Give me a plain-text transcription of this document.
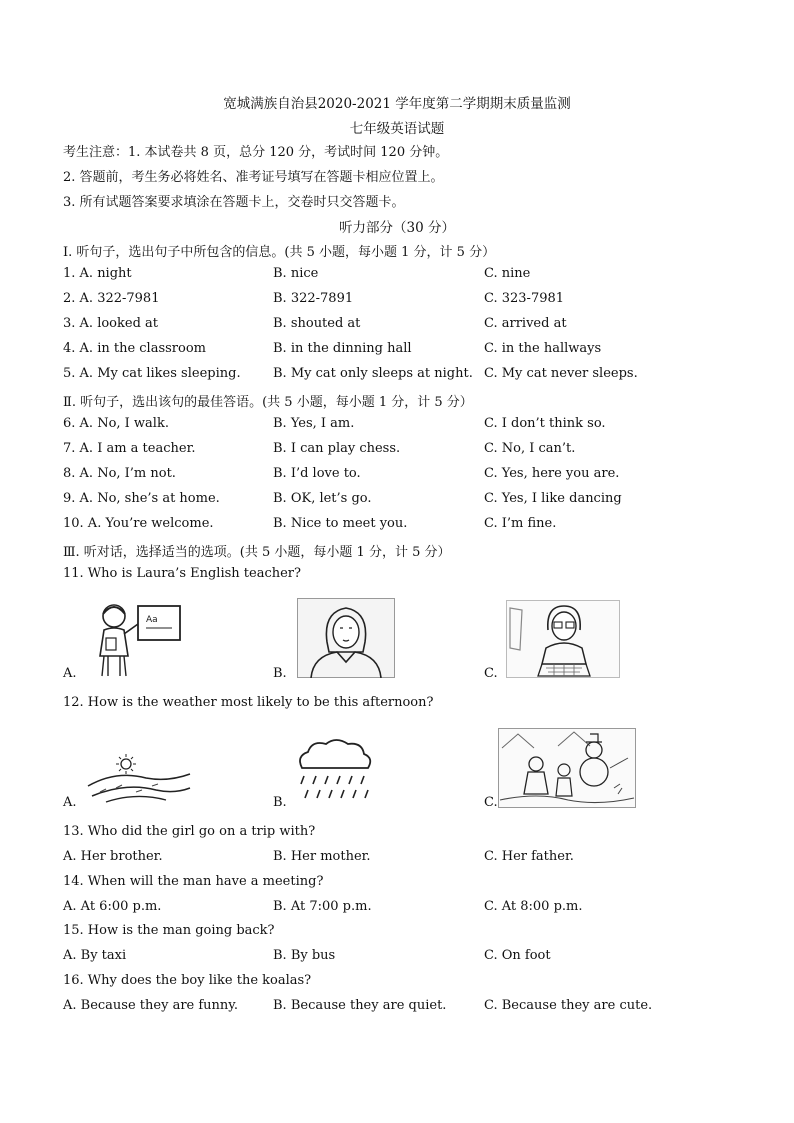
宽城满族自治县2020-2021 学年度第二学期期末质量监测
七年级英语试题
考生注意：1. 本试卷共 8 页，总分 120 分，考试时间 120 分钟。
2. 答题前，考生务必将姓名、准考证号填写在答题卡相应位置上。
3. 所有试题答案要求填涂在答题卡上，交卷时只交答题卡。
听力部分（30 分）
Ⅰ. 听句子，选出句子中所包含的信息。(共 5 小题，每小题 1 分，计 5 分）
1. A. night	B. nice	C. nine
2. A. 322-7981	B. 322-7891	C. 323-7981
3. A. looked at	B. shouted at	C. arrived at
4. A. in the classroom	B. in the dinning hall	C. in the hallways
5. A. My cat likes sleeping. B. My cat only sleeps at night. C. My cat never sleeps.
Ⅱ. 听句子，选出该句的最佳答语。(共 5 小题，每小题 1 分，计 5 分）
6. A. No, I walk.	B. Yes, I am.	C. I don’t think so.
7. A. I am a teacher.	B. I can play chess.	C. No, I can’t.
8. A. No, I’m not.	B. I’d love to.	C. Yes, here you are.
9. A. No, she’s at home.	B. OK, let’s go.	C. Yes, I like dancing
10. A. You’re welcome.	B. Nice to meet you.	C. I’m fine.
Ⅲ. 听对话，选择适当的选项。(共 5 小题，每小题 1 分，计 5 分）
11. Who is Laura’s English teacher?
A.
Aa
B.	C.
12. How is the weather most likely to be this afternoon?
A.	B.	C.
13. Who did the girl go on a trip with?
A. Her brother.	B. Her mother.	C. Her father.
14. When will the man have a meeting?
A. At 6:00 p.m.	B. At 7:00 p.m.	C. At 8:00 p.m.
15. How is the man going back?
A. By taxi	B. By bus	C. On foot
16. Why does the boy like the koalas?
A. Because they are funny.	B. Because they are quiet.	C. Because they are cute.
